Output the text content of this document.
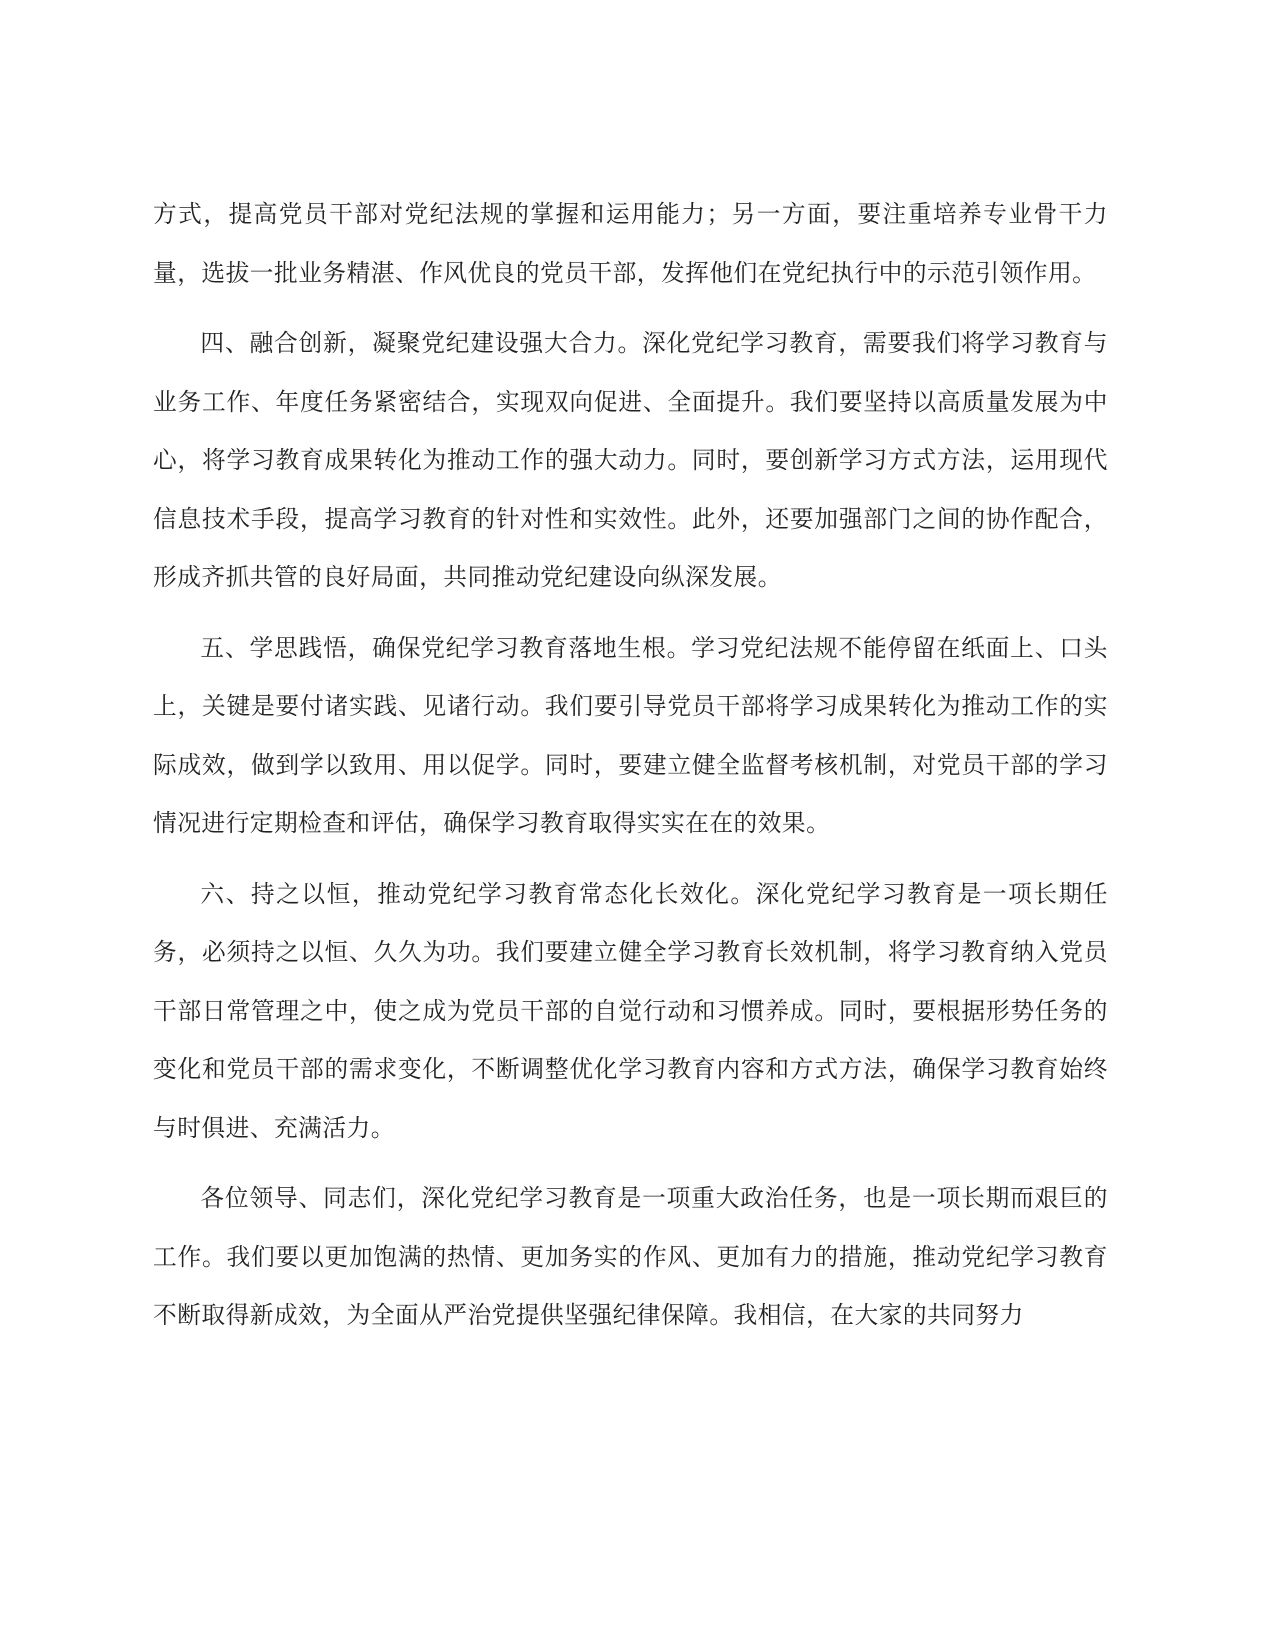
方式，提高党员干部对党纪法规的掌握和运用能力；另一方面，要注重培养专业骨干力量，选拔一批业务精湛、作风优良的党员干部，发挥他们在党纪执行中的示范引领作用。

四、融合创新，凝聚党纪建设强大合力。深化党纪学习教育，需要我们将学习教育与业务工作、年度任务紧密结合，实现双向促进、全面提升。我们要坚持以高质量发展为中心，将学习教育成果转化为推动工作的强大动力。同时，要创新学习方式方法，运用现代信息技术手段，提高学习教育的针对性和实效性。此外，还要加强部门之间的协作配合，形成齐抓共管的良好局面，共同推动党纪建设向纵深发展。

五、学思践悟，确保党纪学习教育落地生根。学习党纪法规不能停留在纸面上、口头上，关键是要付诸实践、见诸行动。我们要引导党员干部将学习成果转化为推动工作的实际成效，做到学以致用、用以促学。同时，要建立健全监督考核机制，对党员干部的学习情况进行定期检查和评估，确保学习教育取得实实在在的效果。

六、持之以恒，推动党纪学习教育常态化长效化。深化党纪学习教育是一项长期任务，必须持之以恒、久久为功。我们要建立健全学习教育长效机制，将学习教育纳入党员干部日常管理之中，使之成为党员干部的自觉行动和习惯养成。同时，要根据形势任务的变化和党员干部的需求变化，不断调整优化学习教育内容和方式方法，确保学习教育始终与时俱进、充满活力。

各位领导、同志们，深化党纪学习教育是一项重大政治任务，也是一项长期而艰巨的工作。我们要以更加饱满的热情、更加务实的作风、更加有力的措施，推动党纪学习教育不断取得新成效，为全面从严治党提供坚强纪律保障。我相信，在大家的共同努力
